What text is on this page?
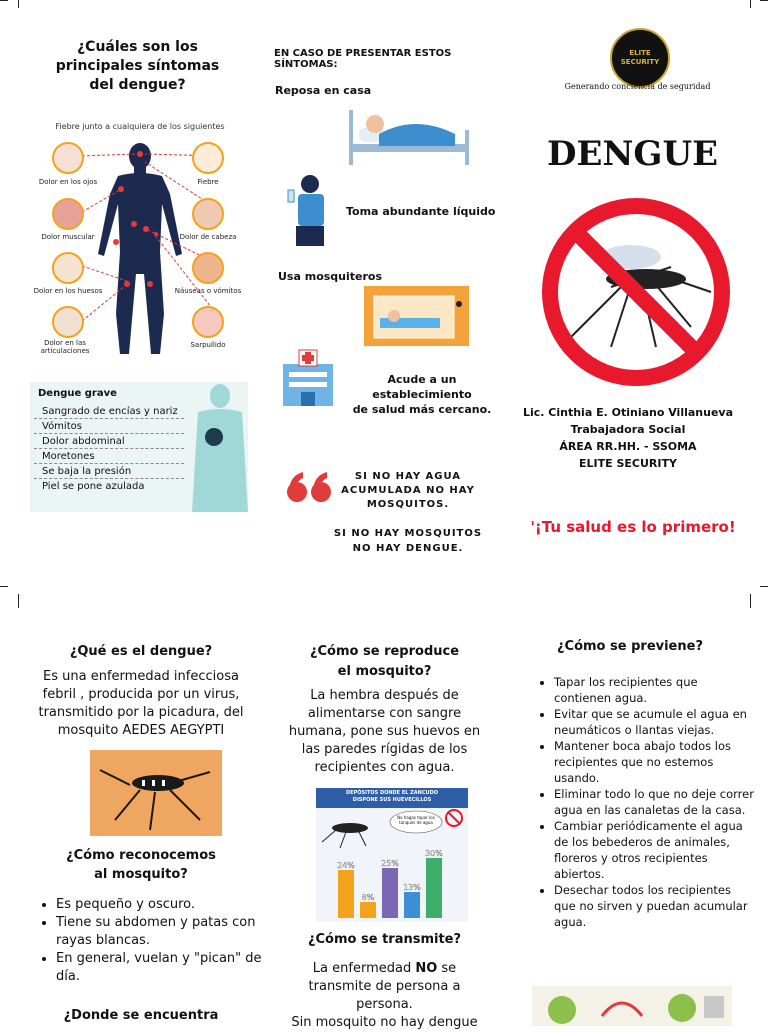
¿Cuáles son los
principales síntomas
del dengue?
Fiebre junto a cualquiera de los siguientes
Dolor en los ojos	Fiebre
Dolor muscular	Dolor de cabeza
Dolor en los huesos	Náuseas o vómitos
Dolor en las articulaciones
Sarpullido
Dengue grave
Sangrado de encías y nariz
Vómitos
Dolor abdominal
Moretones
Se baja la presión
Piel se pone azulada
EN CASO DE PRESENTAR ESTOS SÍNTOMAS:
Reposa en casa
Toma abundante líquido
Usa mosquiteros
Acude a un establecimiento
de salud más cercano.
SI NO HAY AGUA
ACUMULADA NO HAY
MOSQUITOS.
SI NO HAY MOSQUITOS
NO HAY DENGUE.
ELITE SECURITY
Generando conciencia de seguridad
DENGUE
Lic. Cinthia E. Otiniano Villanueva
Trabajadora Social
ÁREA RR.HH. - SSOMA
ELITE SECURITY
'¡Tu salud es lo primero!
¿Qué es el dengue?
Es una enfermedad infecciosa febril , producida por un virus, transmitido por la picadura, del mosquito AEDES AEGYPTI
¿Cómo reconocemos
al mosquito?
• Es pequeño y oscuro.
• Tiene su abdomen y patas con rayas blancas.
• En general, vuelan y "pican" de día.
¿Donde se encuentra
¿Cómo se reproduce
el mosquito?
La hembra después de alimentarse con sangre humana, pone sus huevos en las paredes rígidas de los recipientes con agua.
DEPÓSITOS DONDE EL ZANCUDO
DISPONE SUS HUEVECILLOS
24%
8%
25%
13%
30%
No hagas tapar los tanques de agua
¿Cómo se transmite?
La enfermedad NO se transmite de persona a persona.
Sin mosquito no hay dengue
¿Cómo se previene?
• Tapar los recipientes que contienen agua.
• Evitar que se acumule el agua en neumáticos o llantas viejas.
• Mantener boca abajo todos los recipientes que no estemos usando.
• Eliminar todo lo que no deje correr agua en las canaletas de la casa.
• Cambiar periódicamente el agua de los bebederos de animales, floreros y otros recipientes abiertos.
• Desechar todos los recipientes que no sirven y puedan acumular agua.
